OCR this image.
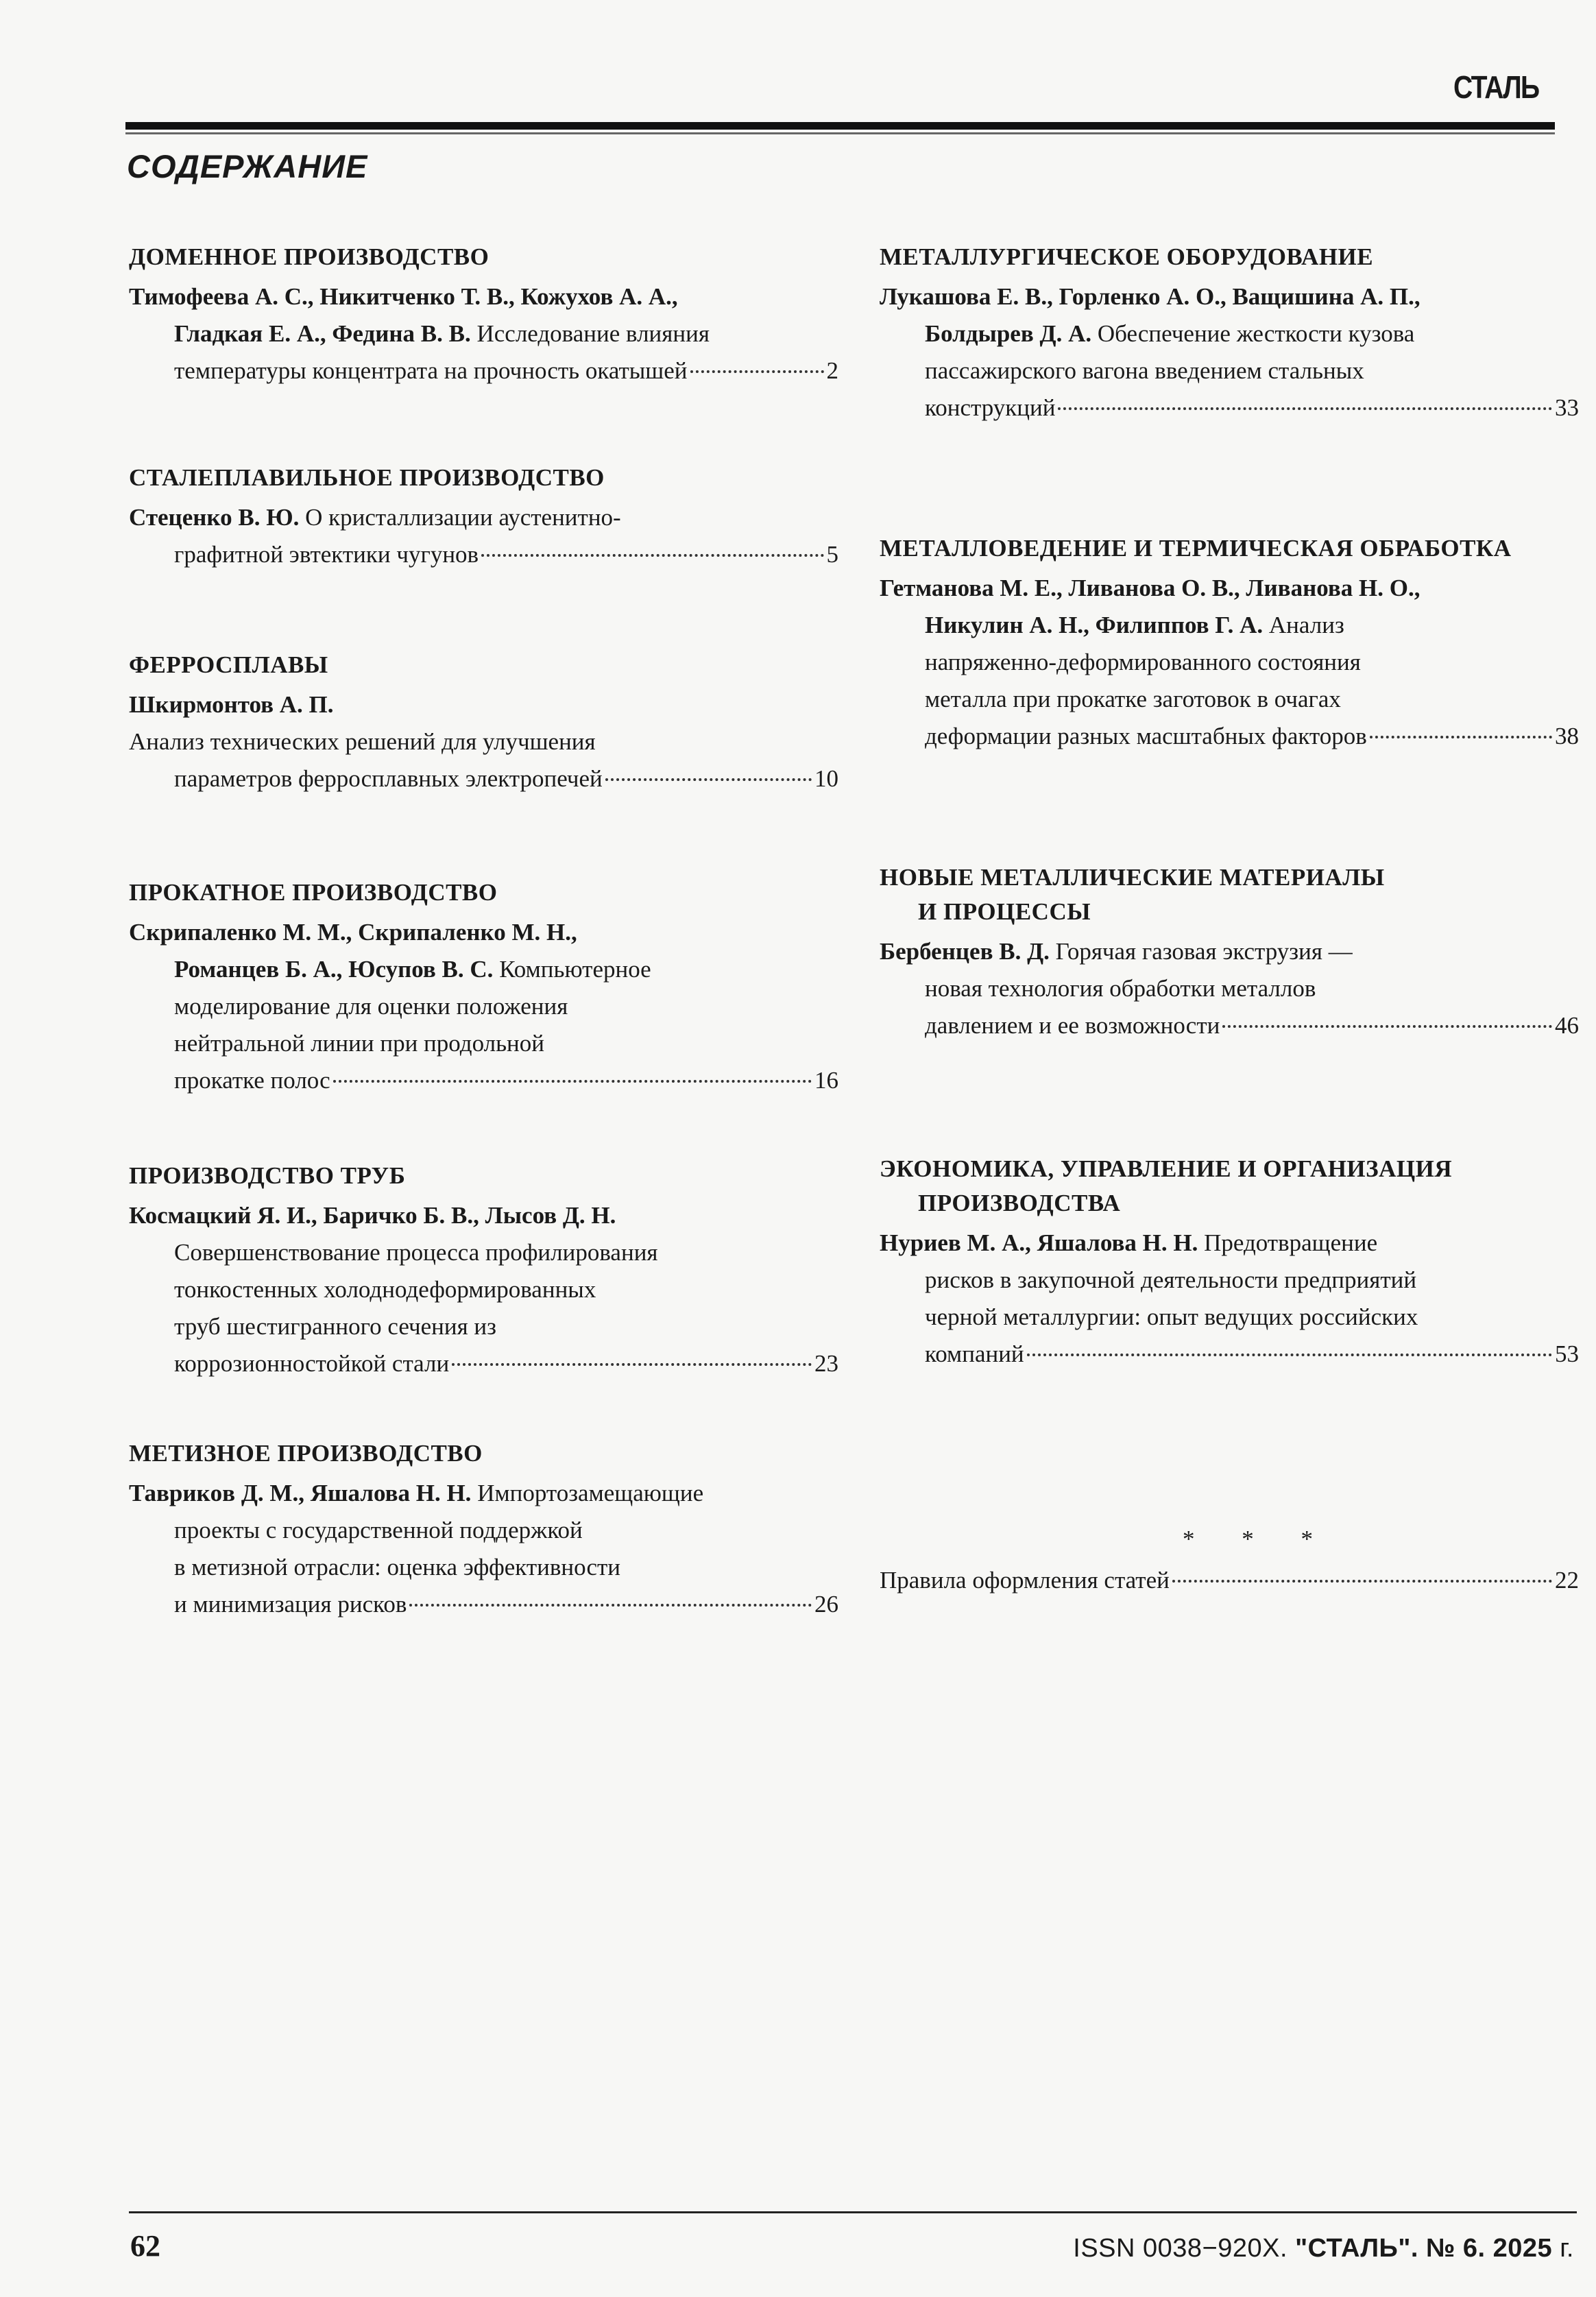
СТАЛЬ
СОДЕРЖАНИЕ
ДОМЕННОЕ ПРОИЗВОДСТВО
Тимофеева А. С., Никитченко Т. В., Кожухов А. А.,
Гладкая Е. А., Федина В. В. Исследование влияния
температуры концентрата на прочность окатышей	2
СТАЛЕПЛАВИЛЬНОЕ ПРОИЗВОДСТВО
Стеценко В. Ю. О кристаллизации аустенитно-
графитной эвтектики чугунов	5
ФЕРРОСПЛАВЫ
Шкирмонтов А. П.
Анализ технических решений для улучшения
параметров ферросплавных электропечей	10
ПРОКАТНОЕ ПРОИЗВОДСТВО
Скрипаленко М. М., Скрипаленко М. Н.,
Романцев Б. А., Юсупов В. С. Компьютерное
моделирование для оценки положения
нейтральной линии при продольной
прокатке полос	16
ПРОИЗВОДСТВО ТРУБ
Космацкий Я. И., Баричко Б. В., Лысов Д. Н.
Совершенствование процесса профилирования
тонкостенных холоднодеформированных
труб шестигранного сечения из
коррозионностойкой стали	23
МЕТИЗНОЕ ПРОИЗВОДСТВО
Таврикoв Д. М., Яшалова Н. Н. Импортозамещающие
проекты с государственной поддержкой
в метизной отрасли: оценка эффективности
и минимизация рисков	26
МЕТАЛЛУРГИЧЕСКОЕ ОБОРУДОВАНИЕ
Лукашова Е. В., Горленко А. О., Ващишина А. П.,
Болдырев Д. А. Обеспечение жесткости кузова
пассажирского вагона введением стальных
конструкций	33
МЕТАЛЛОВЕДЕНИЕ И ТЕРМИЧЕСКАЯ ОБРАБОТКА
Гетманова М. Е., Ливанова О. В., Ливанова Н. О.,
Никулин А. Н., Филиппов Г. А. Анализ
напряженно-деформированного состояния
металла при прокатке заготовок в очагах
деформации разных масштабных факторов	38
НОВЫЕ МЕТАЛЛИЧЕСКИЕ МАТЕРИАЛЫ
И ПРОЦЕССЫ
Бербенцев В. Д. Горячая газовая экструзия —
новая технология обработки металлов
давлением и ее возможности	46
ЭКОНОМИКА, УПРАВЛЕНИЕ И ОРГАНИЗАЦИЯ
ПРОИЗВОДСТВА
Нуриев М. А., Яшалова Н. Н. Предотвращение
рисков в закупочной деятельности предприятий
черной металлургии: опыт ведущих российских
компаний	53
* * *
Правила оформления статей	22
62	ISSN 0038−920X. "СТАЛЬ". № 6. 2025 г.
